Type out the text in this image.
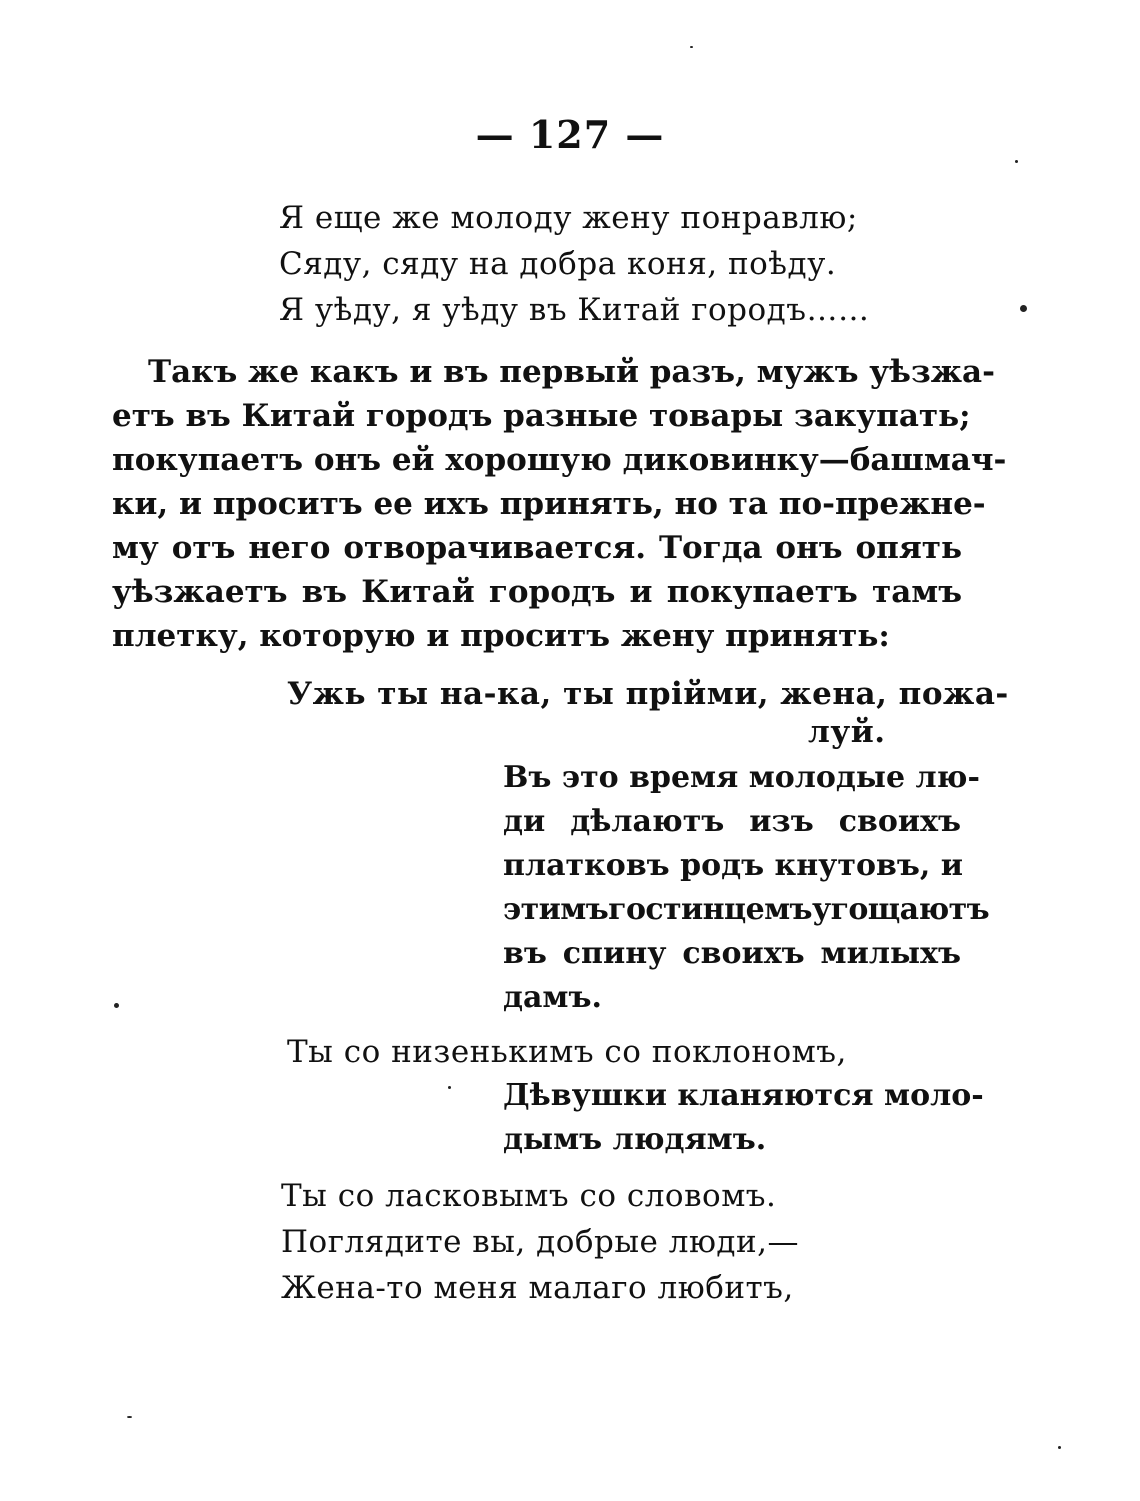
— 127 —
Я еще же молоду жену понравлю;
Сяду, сяду на добра коня, поѣду.
Я уѣду, я уѣду въ Китай городъ……
Такъ же какъ и въ первый разъ, мужъ уѣзжа-
етъ въ Китай городъ разные товары закупать;
покупаетъ онъ ей хорошую диковинку—башмач-
ки, и проситъ ее ихъ принять, но та по-прежне-
му отъ него отворачивается. Тогда онъ опять
уѣзжаетъ въ Китай городъ и покупаетъ тамъ
плетку, которую и проситъ жену принять:
Ужь ты на-ка, ты прійми, жена, пожа-
луй.
Въ это время молодые лю-
ди дѣлаютъ изъ своихъ
платковъ родъ кнутовъ, и
этимъгостинцемъугощаютъ
въ спину своихъ милыхъ
дамъ.
Ты со низенькимъ со поклономъ,
Дѣвушки кланяются моло-
дымъ людямъ.
Ты со ласковымъ со словомъ.
Поглядите вы, добрые люди,—
Жена-то меня малаго любитъ,
